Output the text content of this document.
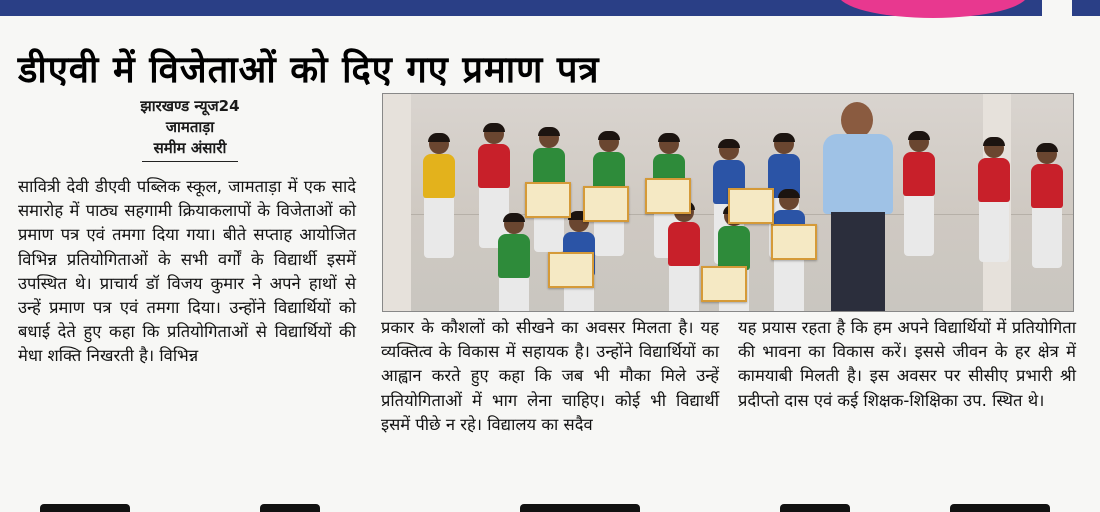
डीएवी में विजेताओं को दिए गए प्रमाण पत्र
झारखण्ड न्यूज24
जामताड़ा
समीम अंसारी

सावित्री देवी डीएवी पब्लिक स्कूल, जामताड़ा में एक सादे समारोह में पाठ्य सहगामी क्रियाकलापों के विजेताओं को प्रमाण पत्र एवं तमगा दिया गया। बीते सप्ताह आयोजित विभिन्न प्रतियोगिताओं के सभी वर्गों के विद्यार्थी इसमें उपस्थित थे। प्राचार्य डॉ विजय कुमार ने अपने हाथों से उन्हें प्रमाण पत्र एवं तमगा दिया। उन्होंने विद्यार्थियों को बधाई देते हुए कहा कि प्रतियोगिताओं से विद्यार्थियों की मेधा शक्ति निखरती है। विभिन्न

प्रकार के कौशलों को सीखने का अवसर मिलता है। यह व्यक्तित्व के विकास में सहायक है। उन्होंने विद्यार्थियों का आह्वान करते हुए कहा कि जब भी मौका मिले उन्हें प्रतियोगिताओं में भाग लेना चाहिए। कोई भी विद्यार्थी इसमें पीछे न रहे। विद्यालय का सदैव

यह प्रयास रहता है कि हम अपने विद्यार्थियों में प्रतियोगिता की भावना का विकास करें। इससे जीवन के हर क्षेत्र में कामयाबी मिलती है। इस अवसर पर सीसीए प्रभारी श्री प्रदीप्तो दास एवं कई शिक्षक-शिक्षिका उप. स्थित थे।
